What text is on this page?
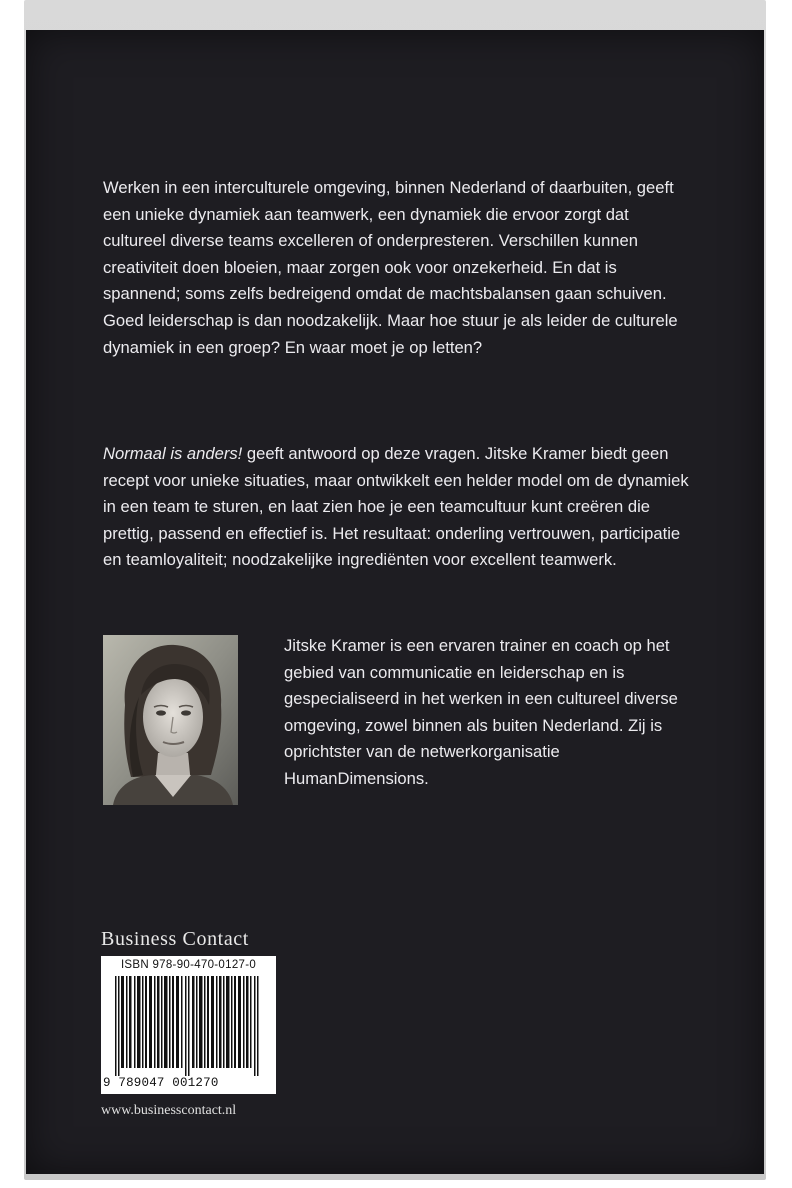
Werken in een interculturele omgeving, binnen Nederland of daarbuiten, geeft een unieke dynamiek aan teamwerk, een dynamiek die ervoor zorgt dat cultureel diverse teams excelleren of onderpresteren. Verschillen kunnen creativiteit doen bloeien, maar zorgen ook voor onzekerheid. En dat is spannend; soms zelfs bedreigend omdat de machtsbalansen gaan schuiven. Goed leiderschap is dan noodzakelijk. Maar hoe stuur je als leider de culturele dynamiek in een groep? En waar moet je op letten?

Normaal is anders! geeft antwoord op deze vragen. Jitske Kramer biedt geen recept voor unieke situaties, maar ontwikkelt een helder model om de dynamiek in een team te sturen, en laat zien hoe je een teamcultuur kunt creëren die prettig, passend en effectief is. Het resultaat: onderling vertrouwen, participatie en teamloyaliteit; noodzakelijke ingrediënten voor excellent teamwerk.

Jitske Kramer is een ervaren trainer en coach op het gebied van communicatie en leiderschap en is gespecialiseerd in het werken in een cultureel diverse omgeving, zowel binnen als buiten Nederland. Zij is oprichtster van de netwerkorganisatie HumanDimensions.

Business Contact
ISBN 978-90-470-0127-0
9 789047 001270
www.businesscontact.nl
